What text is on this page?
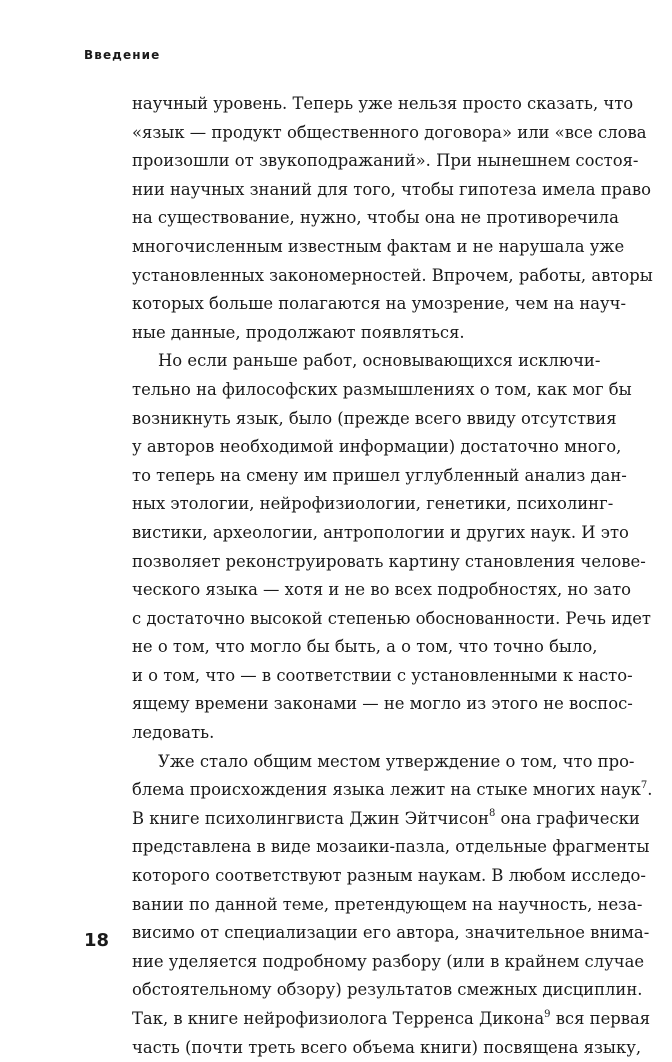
Введение
научный уровень. Теперь уже нельзя просто сказать, что
«язык — продукт общественного договора» или «все слова
произошли от звукоподражаний». При нынешнем состоя-
нии научных знаний для того, чтобы гипотеза имела право
на существование, нужно, чтобы она не противоречила
многочисленным известным фактам и не нарушала уже
установленных закономерностей. Впрочем, работы, авторы
которых больше полагаются на умозрение, чем на науч-
ные данные, продолжают появляться.
Но если раньше работ, основывающихся исключи-
тельно на философских размышлениях о том, как мог бы
возникнуть язык, было (прежде всего ввиду отсутствия
у авторов необходимой информации) достаточно много,
то теперь на смену им пришел углубленный анализ дан-
ных этологии, нейрофизиологии, генетики, психолинг-
вистики, археологии, антропологии и других наук. И это
позволяет реконструировать картину становления челове-
ческого языка — хотя и не во всех подробностях, но зато
с достаточно высокой степенью обоснованности. Речь идет
не о том, что могло бы быть, а о том, что точно было,
и о том, что — в соответствии с установленными к насто-
ящему времени законами — не могло из этого не воспос-
ледовать.
Уже стало общим местом утверждение о том, что про-
блема происхождения языка лежит на стыке многих наук$^7$.
В книге психолингвиста Джин Эйтчисон$^8$ она графически
представлена в виде мозаики-пазла, отдельные фрагменты
которого соответствуют разным наукам. В любом исследо-
вании по данной теме, претендующем на научность, неза-
висимо от специализации его автора, значительное внима-
ние уделяется подробному разбору (или в крайнем случае
обстоятельному обзору) результатов смежных дисциплин.
Так, в книге нейрофизиолога Терренса Дикона$^9$ вся первая
часть (почти треть всего объема книги) посвящена языку,
18
